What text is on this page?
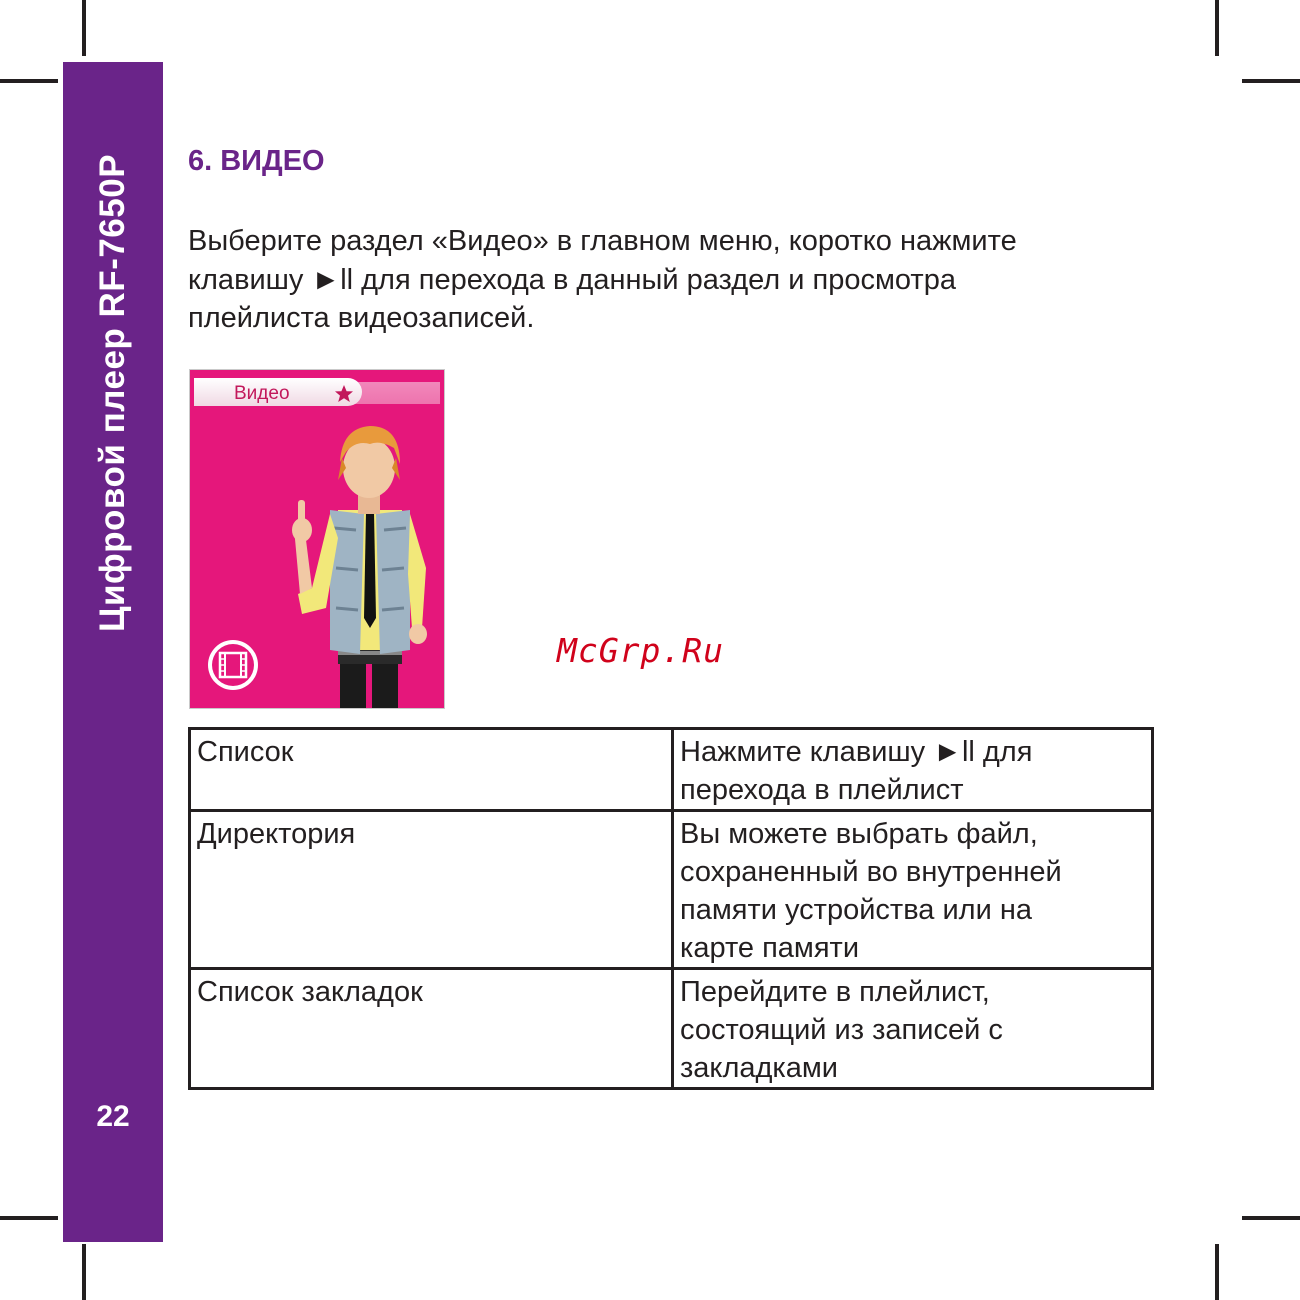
Цифровой плеер RF-7650P
22
6. ВИДЕО
Выберите раздел «Видео» в главном меню, коротко нажмите
клавишу ►ll для перехода в данный раздел и просмотра
плейлиста видеозаписей.
Видео
McGrp.Ru
Список	Нажмите клавишу ►ll для
перехода в плейлист

Директория	Вы можете выбрать файл,
сохраненный во внутренней
памяти устройства или на
карте памяти

Список закладок	Перейдите в плейлист,
состоящий из записей с
закладками
